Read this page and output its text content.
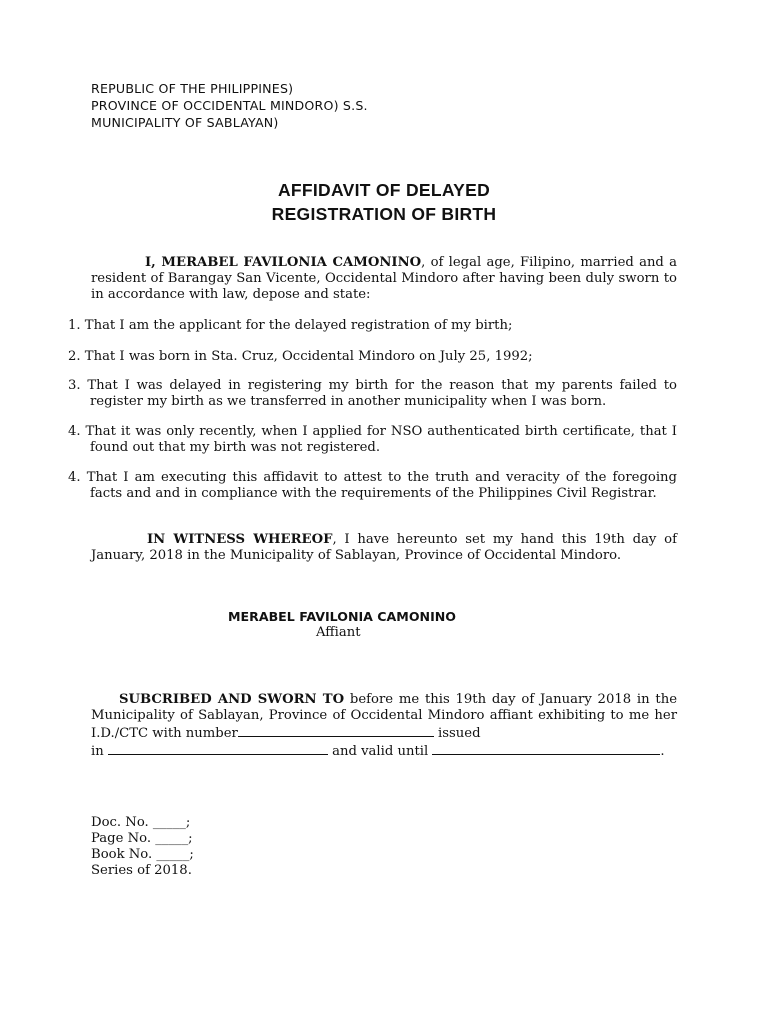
REPUBLIC OF THE PHILIPPINES)
PROVINCE OF OCCIDENTAL MINDORO) S.S.
MUNICIPALITY OF SABLAYAN)
AFFIDAVIT OF DELAYED
REGISTRATION OF BIRTH

I, MERABEL FAVILONIA CAMONINO, of legal age, Filipino, married and a resident of Barangay San Vicente, Occidental Mindoro after having been duly sworn to in accordance with law, depose and state:

1. That I am the applicant for the delayed registration of my birth;

2. That I was born in Sta. Cruz, Occidental Mindoro on July 25, 1992;

3. That I was delayed in registering my birth for the reason that my parents failed to register my birth as we transferred in another municipality when I was born.

4. That it was only recently, when I applied for NSO authenticated birth certificate, that I found out that my birth was not registered.

4. That I am executing this affidavit to attest to the truth and veracity of the foregoing facts and and in compliance with the requirements of the Philippines Civil Registrar.

IN WITNESS WHEREOF, I have hereunto set my hand this 19th day of January, 2018 in the Municipality of Sablayan, Province of Occidental Mindoro.

MERABEL FAVILONIA CAMONINO
Affiant

SUBCRIBED AND SWORN TO before me this 19th day of January 2018 in the Municipality of Sablayan, Province of Occidental Mindoro affiant exhibiting to me her I.D./CTC with number	issued

in	and valid until	.
Doc. No. _____;
Page No. _____;
Book No. _____;
Series of 2018.
